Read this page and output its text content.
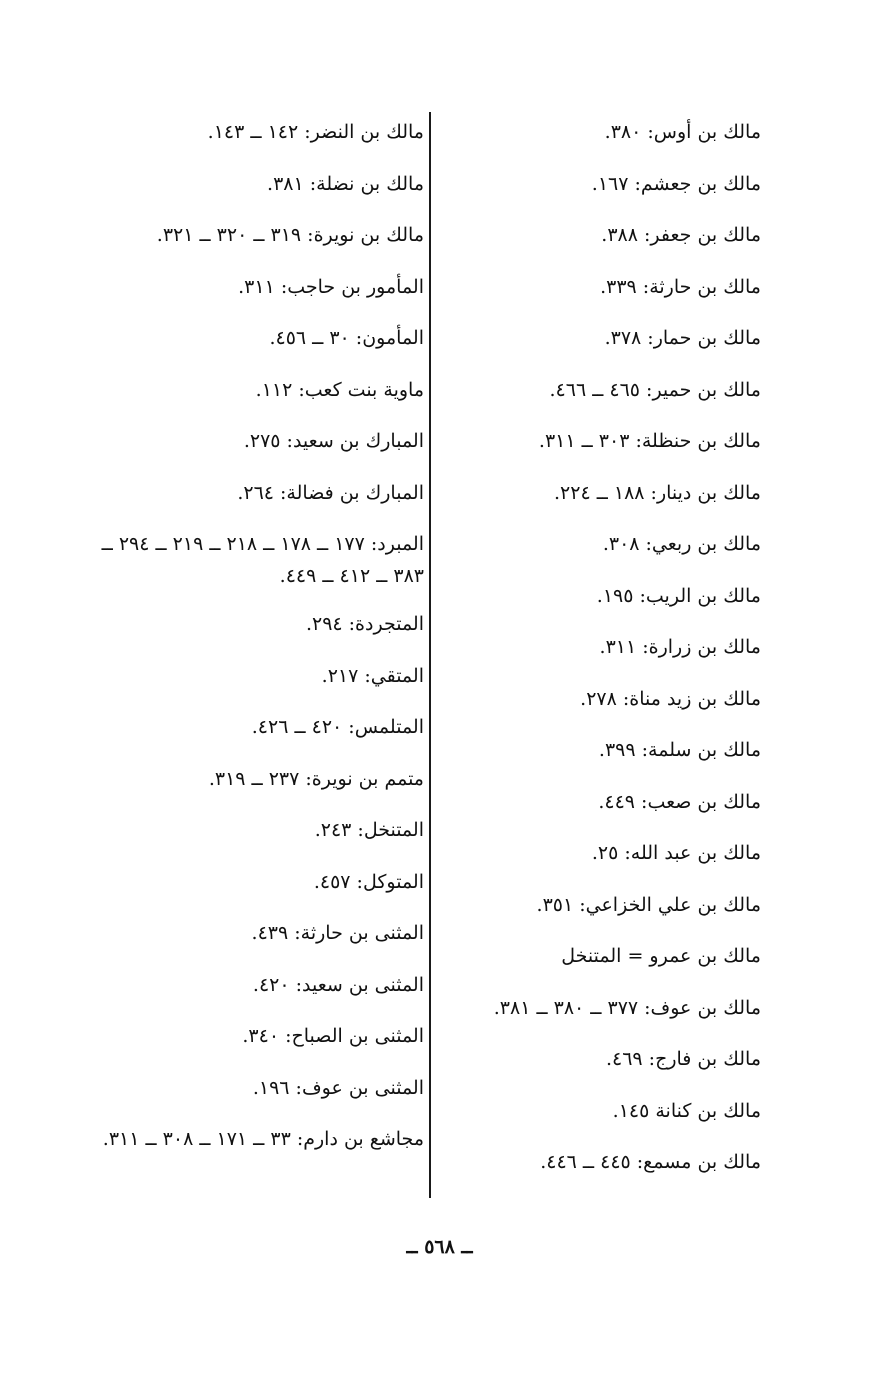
مالك بن أوس: ٣٨٠.
مالك بن جعشم: ١٦٧.
مالك بن جعفر: ٣٨٨.
مالك بن حارثة: ٣٣٩.
مالك بن حمار: ٣٧٨.
مالك بن حمير: ٤٦٥ ــ ٤٦٦.
مالك بن حنظلة: ٣٠٣ ــ ٣١١.
مالك بن دينار: ١٨٨ ــ ٢٢٤.
مالك بن ربعي: ٣٠٨.
مالك بن الريب: ١٩٥.
مالك بن زرارة: ٣١١.
مالك بن زيد مناة: ٢٧٨.
مالك بن سلمة: ٣٩٩.
مالك بن صعب: ٤٤٩.
مالك بن عبد الله: ٢٥.
مالك بن علي الخزاعي: ٣٥١.
مالك بن عمرو = المتنخل
مالك بن عوف: ٣٧٧ ــ ٣٨٠ ــ ٣٨١.
مالك بن فارج: ٤٦٩.
مالك بن كنانة ١٤٥.
مالك بن مسمع: ٤٤٥ ــ ٤٤٦.
مالك بن النضر: ١٤٢ ــ ١٤٣.
مالك بن نضلة: ٣٨١.
مالك بن نويرة: ٣١٩ ــ ٣٢٠ ــ ٣٢١.
المأمور بن حاجب: ٣١١.
المأمون: ٣٠ ــ ٤٥٦.
ماوية بنت كعب: ١١٢.
المبارك بن سعيد: ٢٧٥.
المبارك بن فضالة: ٢٦٤.
المبرد: ١٧٧ ــ ١٧٨ ــ ٢١٨ ــ ٢١٩ ــ ٢٩٤ ــ ٣٨٣ ــ ٤١٢ ــ ٤٤٩.
المتجردة: ٢٩٤.
المتقي: ٢١٧.
المتلمس: ٤٢٠ ــ ٤٢٦.
متمم بن نويرة: ٢٣٧ ــ ٣١٩.
المتنخل: ٢٤٣.
المتوكل: ٤٥٧.
المثنى بن حارثة: ٤٣٩.
المثنى بن سعيد: ٤٢٠.
المثنى بن الصباح: ٣٤٠.
المثنى بن عوف: ١٩٦.
مجاشع بن دارم: ٣٣ ــ ١٧١ ــ ٣٠٨ ــ ٣١١.
ــ ٥٦٨ ــ
